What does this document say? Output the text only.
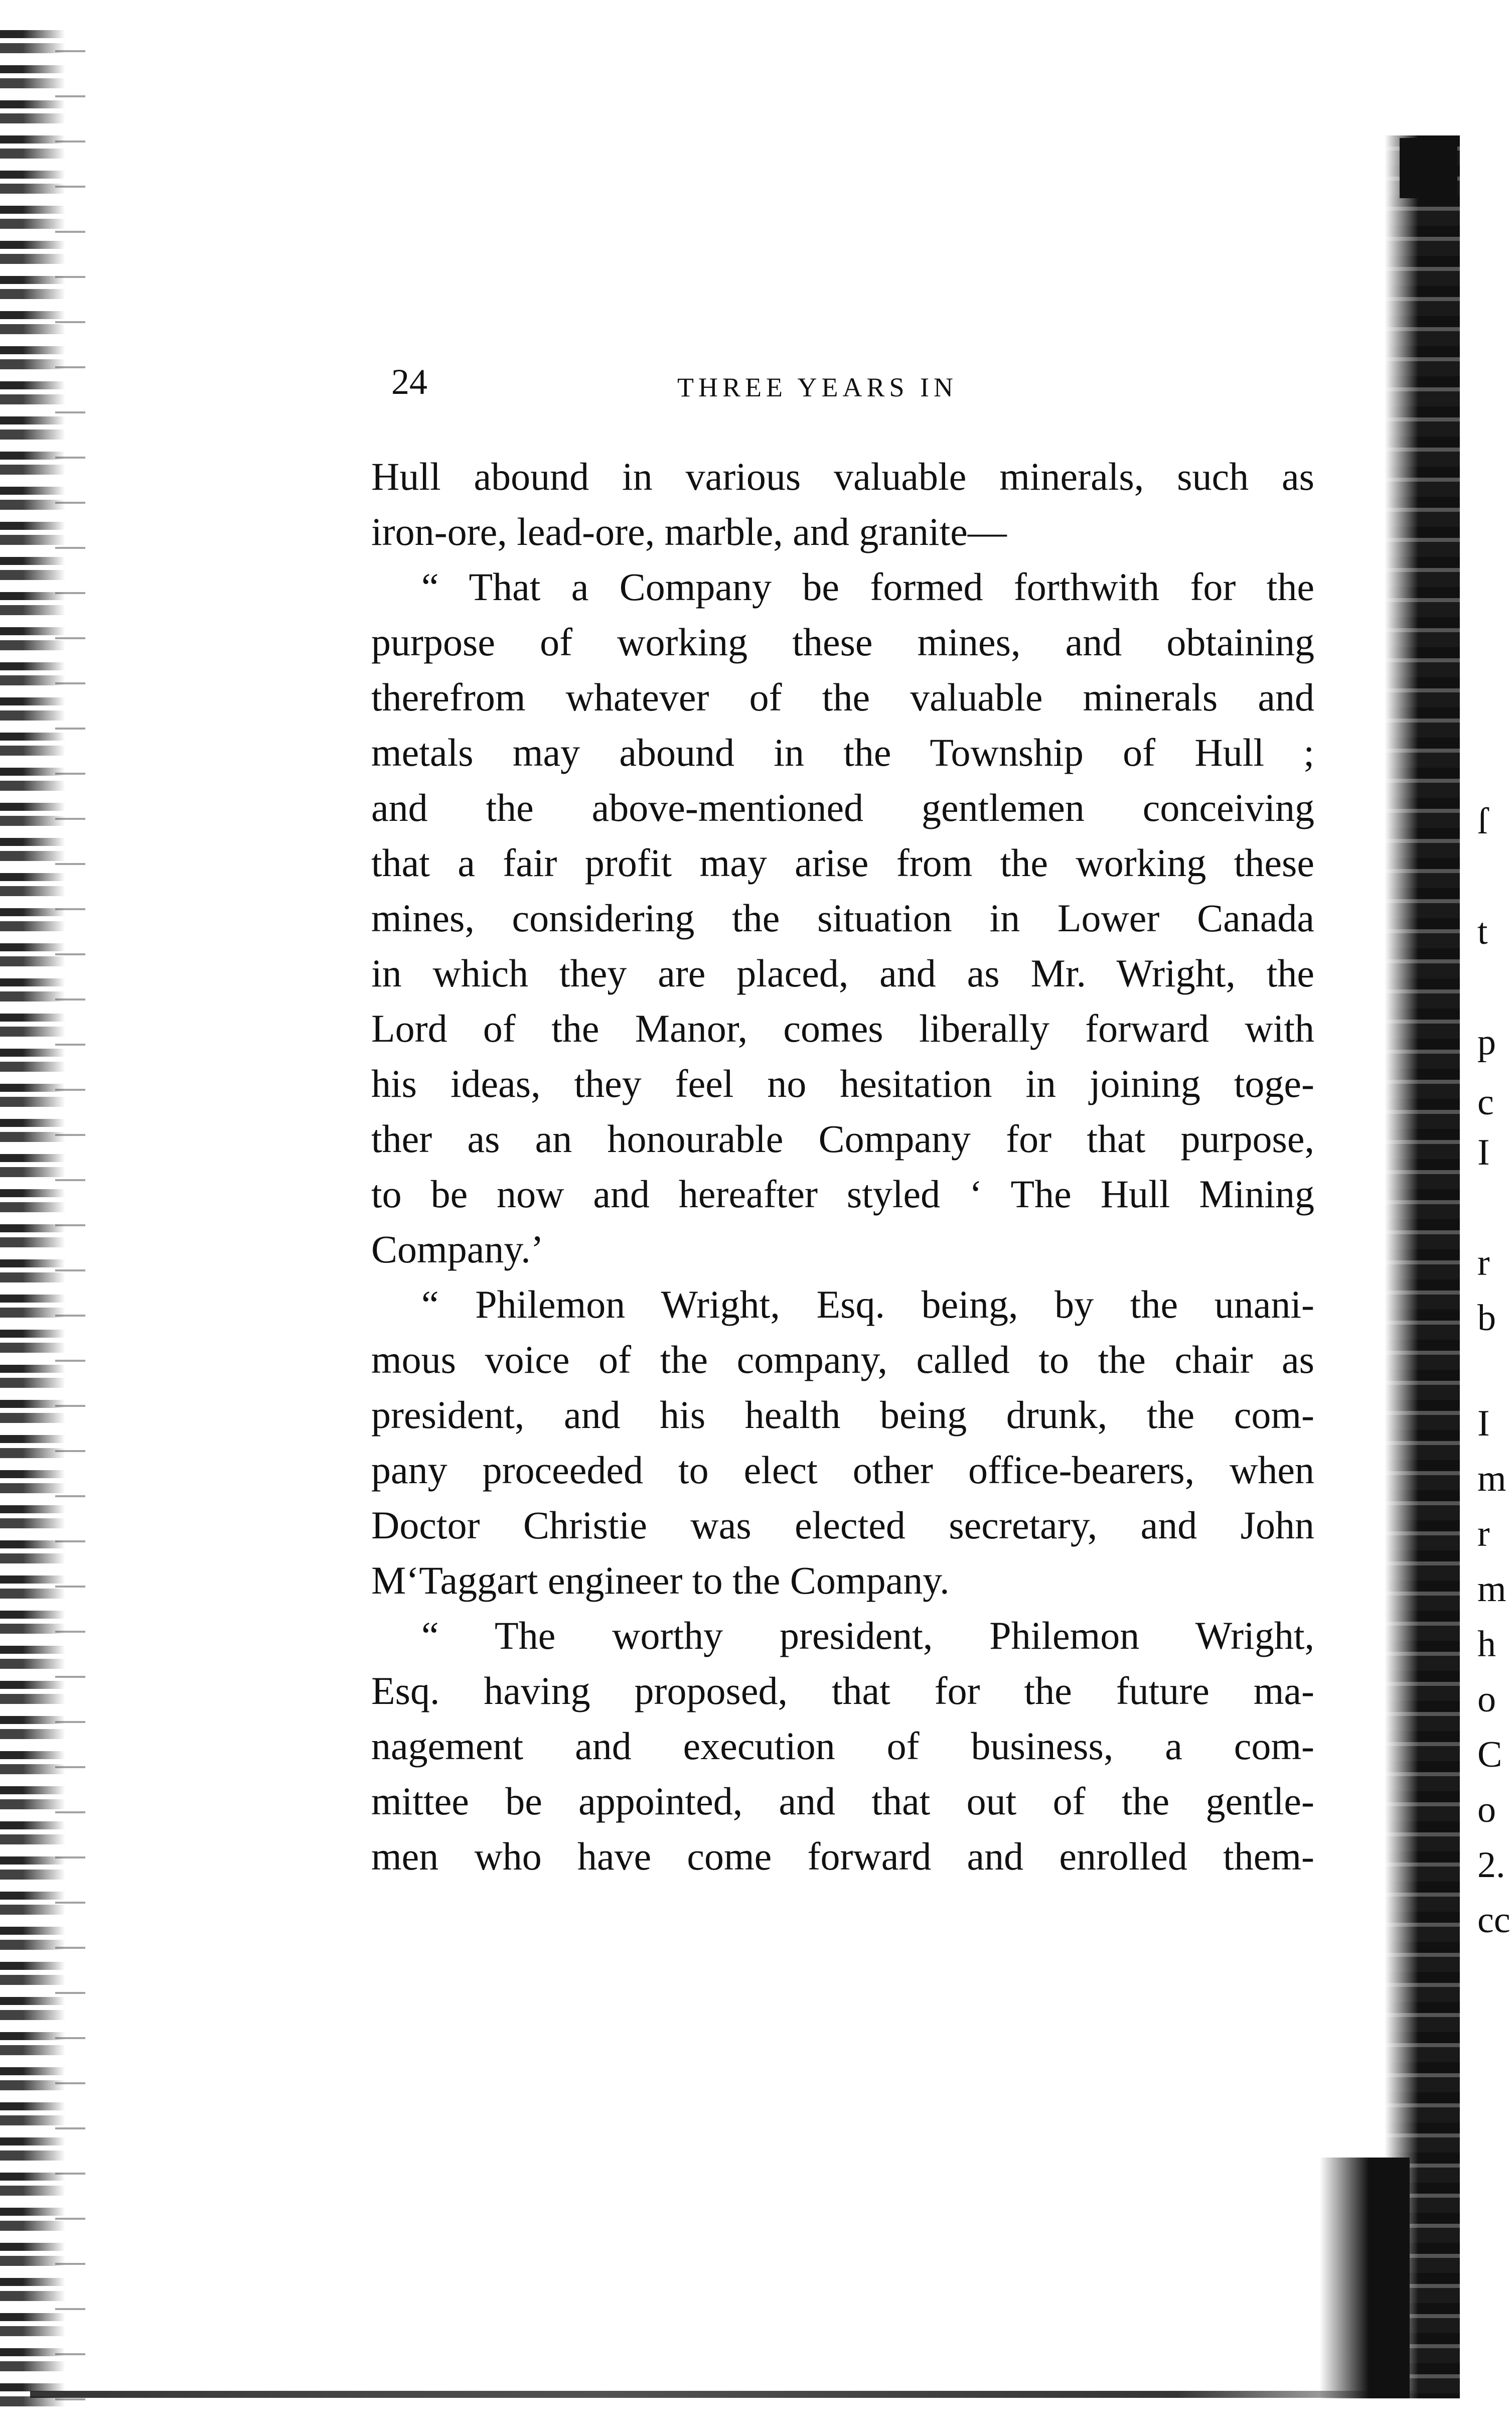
24	THREE YEARS IN
Hull abound in various valuable minerals, such as
iron-ore, lead-ore, marble, and granite—
“ That a Company be formed forthwith for the
purpose of working these mines, and obtaining
therefrom whatever of the valuable minerals and
metals may abound in the Township of Hull ;
and the above-mentioned gentlemen conceiving
that a fair profit may arise from the working these
mines, considering the situation in Lower Canada
in which they are placed, and as Mr. Wright, the
Lord of the Manor, comes liberally forward with
his ideas, they feel no hesitation in joining toge-
ther as an honourable Company for that purpose,
to be now and hereafter styled ‘ The Hull Mining
Company.’
“ Philemon Wright, Esq. being, by the unani-
mous voice of the company, called to the chair as
president, and his health being drunk, the com-
pany proceeded to elect other office-bearers, when
Doctor Christie was elected secretary, and John
M‘Taggart engineer to the Company.
“ The worthy president, Philemon Wright,
Esq. having proposed, that for the future ma-
nagement and execution of business, a com-
mittee be appointed, and that out of the gentle-
men who have come forward and enrolled them-
ſ
t
p
c
I
r
b
I
m
r
m
h
o
C
o
2.
cc
